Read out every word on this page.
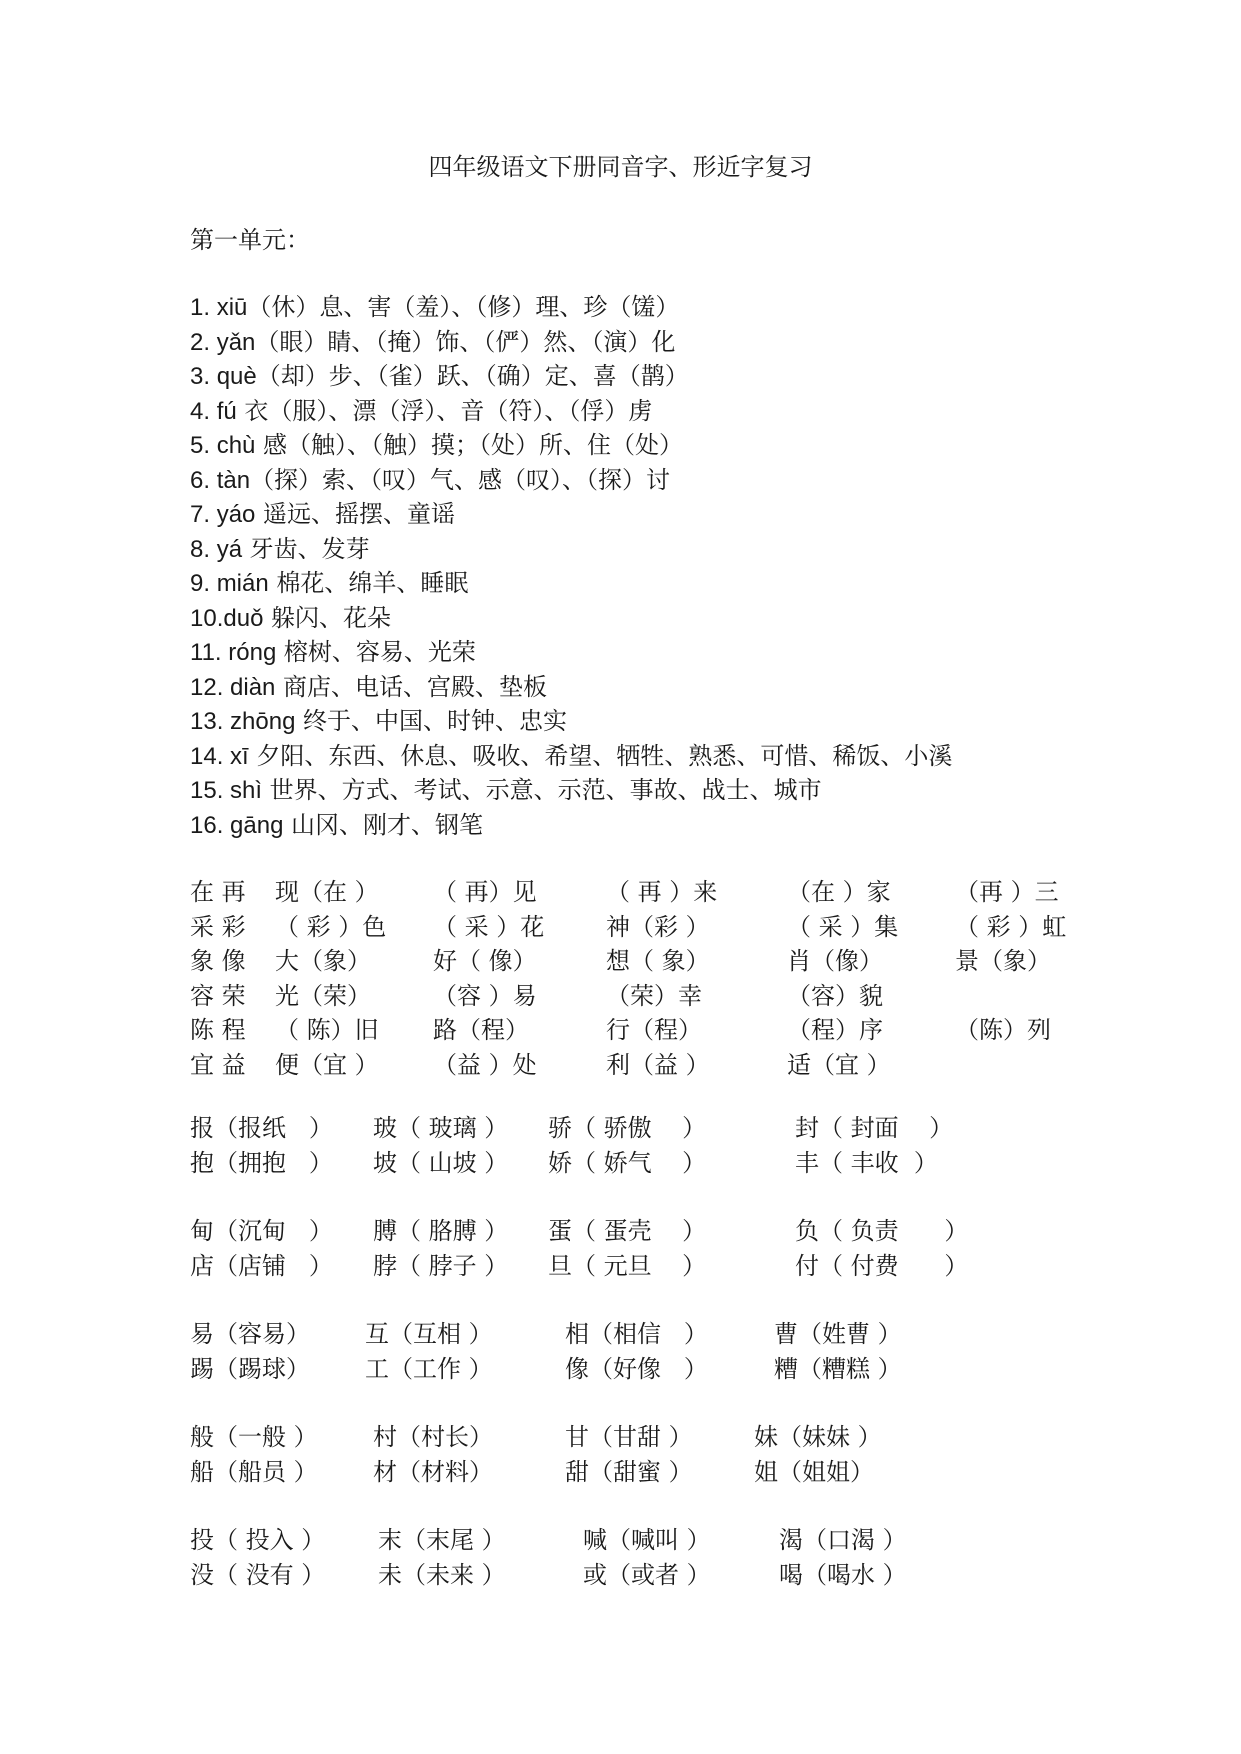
四年级语文下册同音字、形近字复习
第一单元：
1. xiū（休）息、害（羞）、（修）理、珍（馐）
2. yǎn（眼）睛、（掩）饰、（俨）然、（演）化
3. què（却）步、（雀）跃、（确）定、喜（鹊）
4. fú 衣（服）、漂（浮）、音（符）、（俘）虏
5. chù 感（触）、（触）摸；（处）所、住（处）
6. tàn（探）索、（叹）气、感（叹）、（探）讨
7. yáo 遥远、摇摆、童谣
8. yá 牙齿、发芽
9. mián 棉花、绵羊、睡眠
10.duǒ 躲闪、花朵
11. róng 榕树、容易、光荣
12. diàn 商店、电话、宫殿、垫板
13. zhōng 终于、中国、时钟、忠实
14. xī 夕阳、东西、休息、吸收、希望、牺牲、熟悉、可惜、稀饭、小溪
15. shì 世界、方式、考试、示意、示范、事故、战士、城市
16. gāng 山冈、刚才、钢笔
在 再 现（在 ） （ 再）见	（ 再 ）来	（在 ）家	（再 ）三
采 彩 （ 彩 ）色 （ 采 ）花	神（彩 ）	（ 采 ）集 （ 彩 ）虹
象 像 大（象）	好（ 像）	想（ 象）	肖（像）	景（象）
容 荣 光（荣）	（容 ）易	（荣）幸	（容）貌
陈 程 （ 陈）旧 路（程）	行（程）	（程）序	（陈）列
宜 益 便（宜 ） （益 ）处	利（益 ）	适（宜 ）
报（报纸   ） 玻（ 玻璃 ） 骄（ 骄傲    ）	封（ 封面    ）
抱（拥抱   ） 坡（ 山坡 ） 娇（ 娇气    ）	丰（ 丰收  ）
甸（沉甸   ） 膊（ 胳膊 ） 蛋（ 蛋壳    ）	负（ 负责      ）
店（店铺   ） 脖（ 脖子 ） 旦（ 元旦    ）	付（ 付费      ）
易（容易） 互（互相 ）	相（相信   ）	曹（姓曹 ）
踢（踢球） 工（工作 ）	像（好像   ）	糟（糟糕 ）
般（一般 ） 村（村长）	甘（甘甜 ）	妹（妹妹 ）
船（船员 ） 材（材料）	甜（甜蜜 ）	姐（姐姐）
投（ 投入 ） 末（末尾 ）	喊（喊叫 ）	渴（口渴 ）
没（ 没有 ） 未（未来 ）	或（或者 ）	喝（喝水 ）
